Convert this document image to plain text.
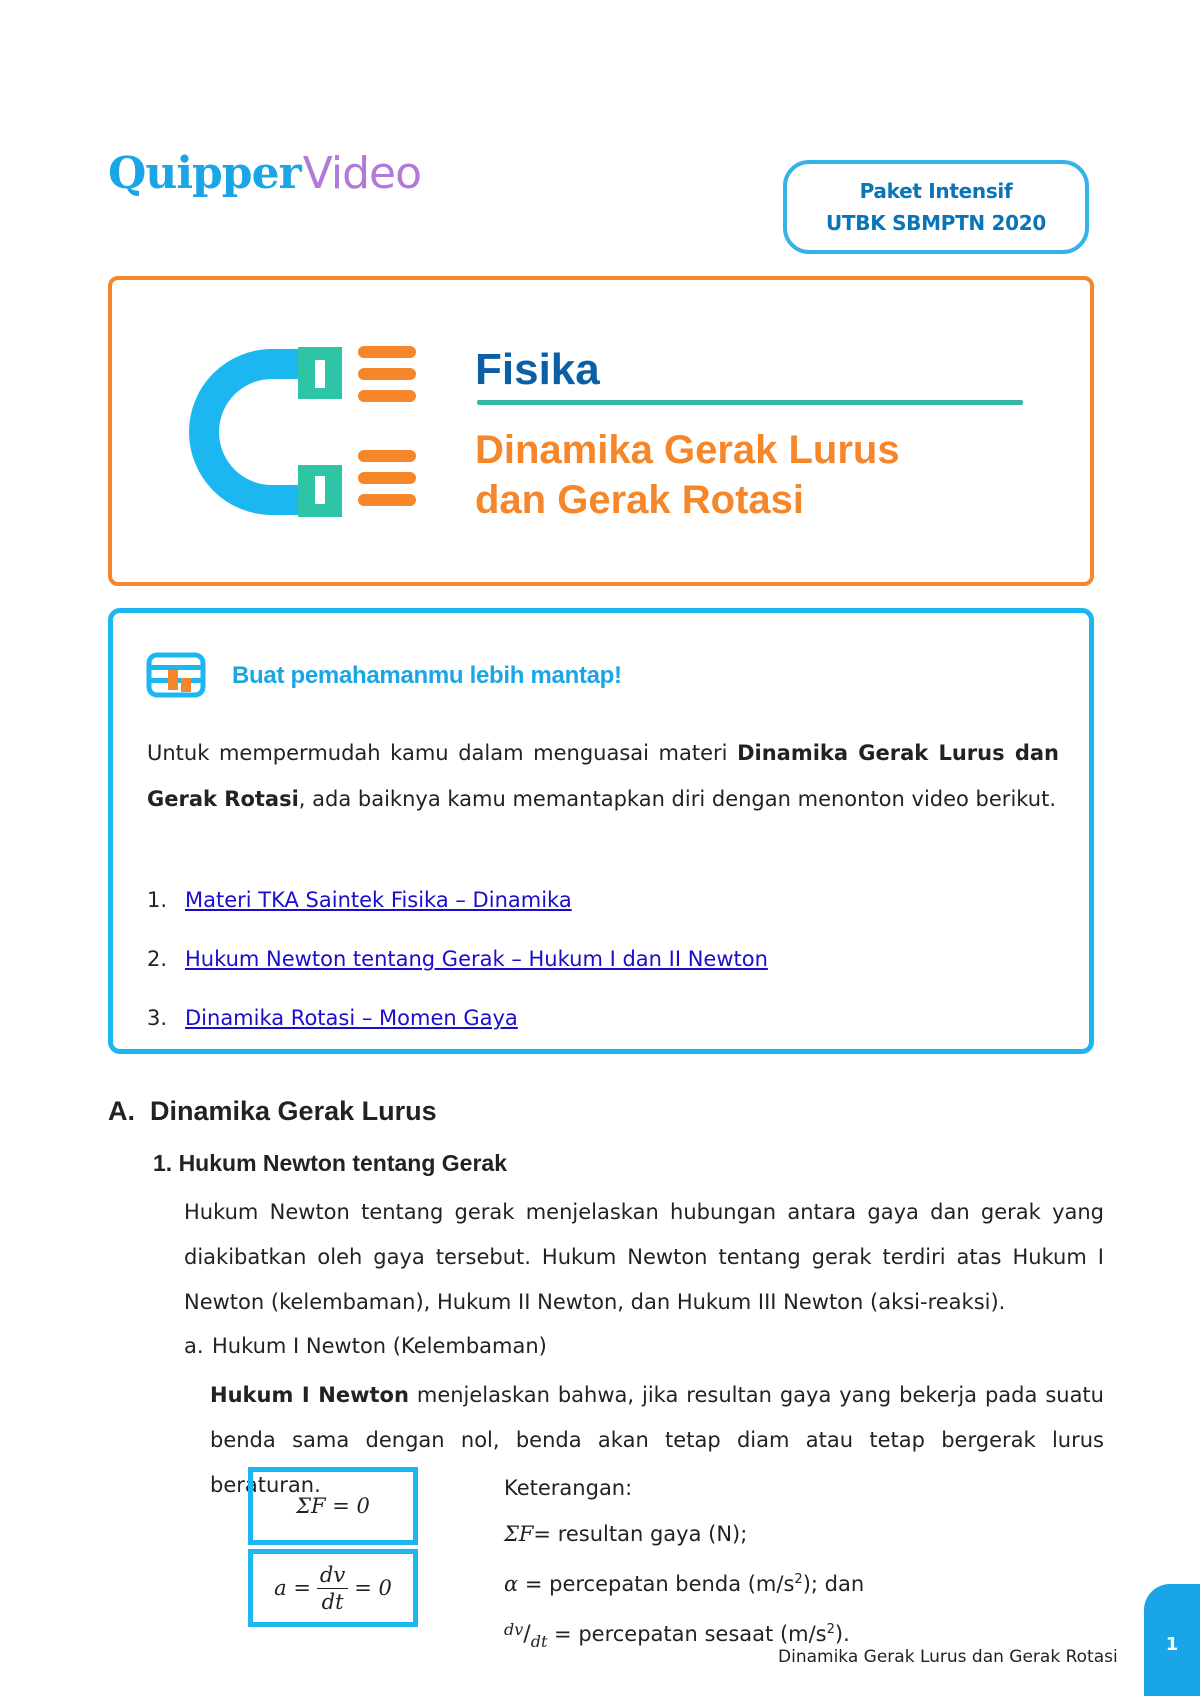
QuipperVideo	Paket Intensif
UTBK SBMPTN 2020
Fisika
Dinamika Gerak Lurus
dan Gerak Rotasi
Buat pemahamanmu lebih mantap!
Untuk mempermudah kamu dalam menguasai materi Dinamika Gerak Lurus dan Gerak Rotasi, ada baiknya kamu memantapkan diri dengan menonton video berikut.
1. Materi TKA Saintek Fisika – Dinamika
2. Hukum Newton tentang Gerak – Hukum I dan II Newton
3. Dinamika Rotasi – Momen Gaya
A. Dinamika Gerak Lurus
1. Hukum Newton tentang Gerak
Hukum Newton tentang gerak menjelaskan hubungan antara gaya dan gerak yang diakibatkan oleh gaya tersebut. Hukum Newton tentang gerak terdiri atas Hukum I Newton (kelembaman), Hukum II Newton, dan Hukum III Newton (aksi-reaksi).
a. Hukum I Newton (Kelembaman)
Hukum I Newton menjelaskan bahwa, jika resultan gaya yang bekerja pada suatu benda sama dengan nol, benda akan tetap diam atau tetap bergerak lurus beraturan.
ΣF = 0
$a = \frac{dv}{dt} = 0$
Keterangan:
ΣF= resultan gaya (N);
α = percepatan benda $(m/s^2)$; dan
$^{dv}/_{dt}$ = percepatan sesaat $(m/s^2)$.
Dinamika Gerak Lurus dan Gerak Rotasi
1
